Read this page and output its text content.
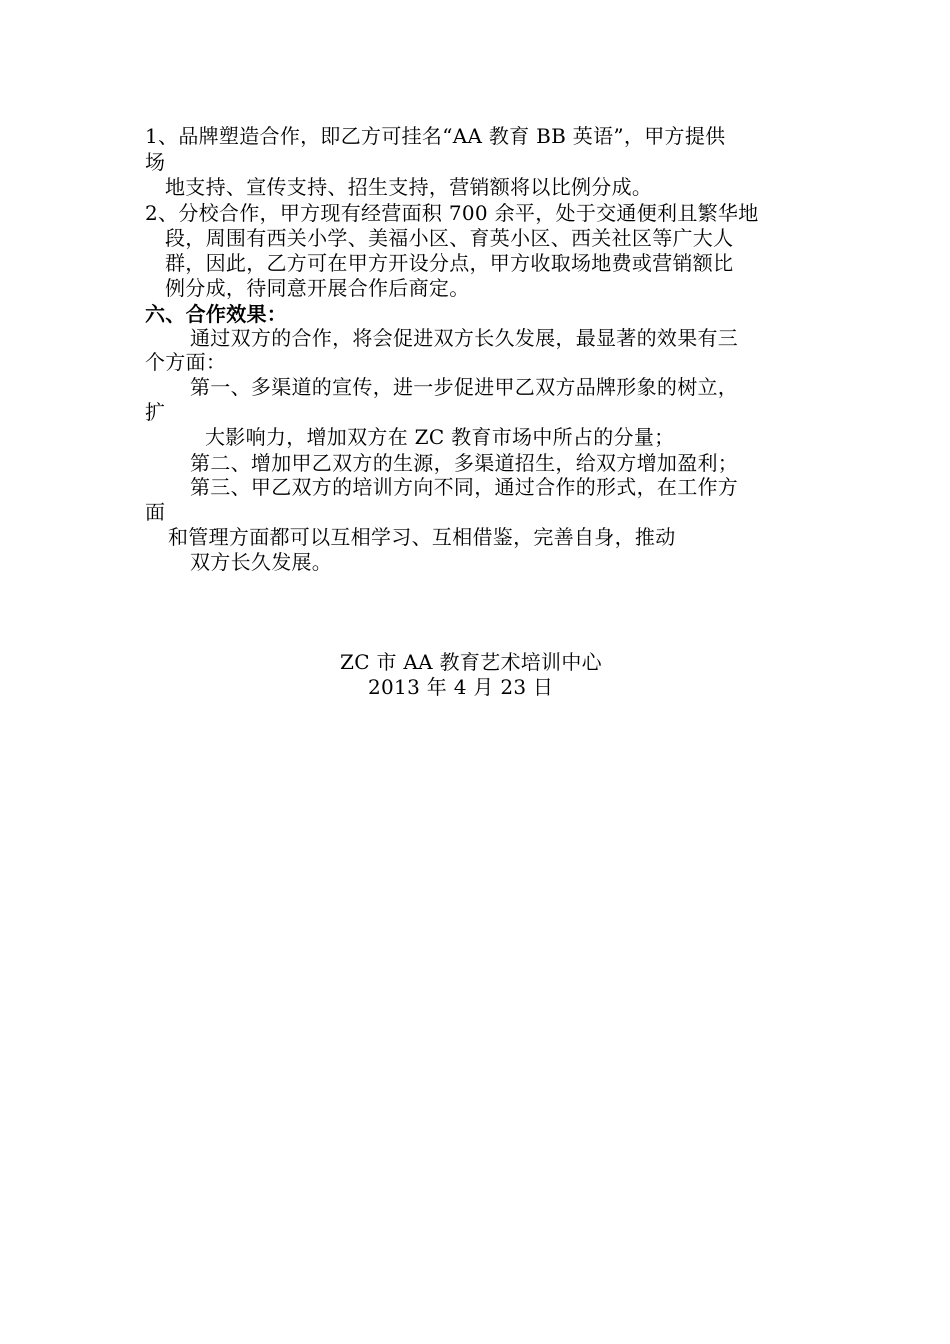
1、品牌塑造合作，即乙方可挂名“AA 教育 BB 英语”，甲方提供
场
地支持、宣传支持、招生支持，营销额将以比例分成。
2、分校合作，甲方现有经营面积 700 余平，处于交通便利且繁华地
段，周围有西关小学、美福小区、育英小区、西关社区等广大人
群，因此，乙方可在甲方开设分点，甲方收取场地费或营销额比
例分成，待同意开展合作后商定。
六、合作效果：
通过双方的合作，将会促进双方长久发展，最显著的效果有三
个方面：
第一、多渠道的宣传，进一步促进甲乙双方品牌形象的树立，
扩
大影响力，增加双方在 ZC 教育市场中所占的分量；
第二、增加甲乙双方的生源，多渠道招生，给双方增加盈利；
第三、甲乙双方的培训方向不同，通过合作的形式，在工作方
面
和管理方面都可以互相学习、互相借鉴，完善自身，推动
双方长久发展。
ZC 市 AA 教育艺术培训中心
2013 年 4 月 23 日
